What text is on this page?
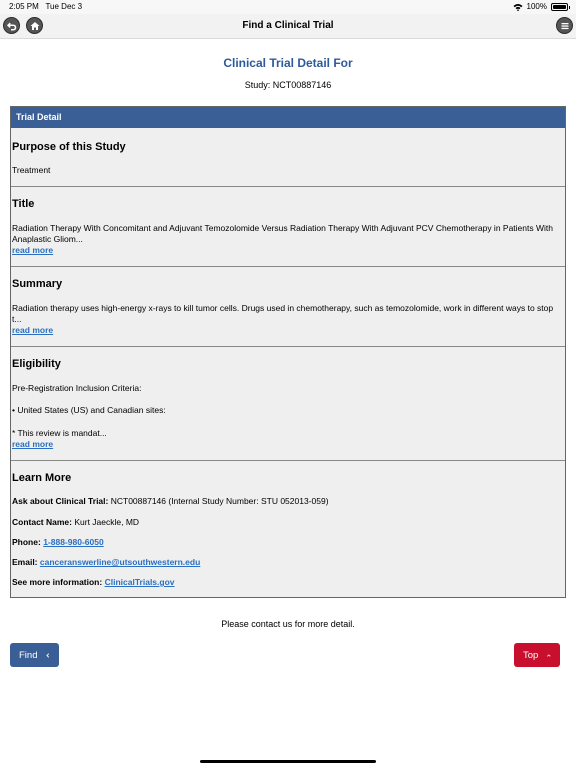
2:05 PM Tue Dec 3	100%
Find a Clinical Trial
Clinical Trial Detail For
Study: NCT00887146
Trial Detail
Purpose of this Study
Treatment
Title
Radiation Therapy With Concomitant and Adjuvant Temozolomide Versus Radiation Therapy With Adjuvant PCV Chemotherapy in Patients With Anaplastic Gliom...
read more
Summary
Radiation therapy uses high-energy x-rays to kill tumor cells. Drugs used in chemotherapy, such as temozolomide, work in different ways to stop t...
read more
Eligibility
Pre-Registration Inclusion Criteria:
• United States (US) and Canadian sites:
* This review is mandat...
read more
Learn More
Ask about Clinical Trial: NCT00887146 (Internal Study Number: STU 052013-059)
Contact Name: Kurt Jaeckle, MD
Phone: 1-888-980-6050
Email: canceranswerline@utsouthwestern.edu
See more information: ClinicalTrials.gov
Please contact us for more detail.
Find	Top
